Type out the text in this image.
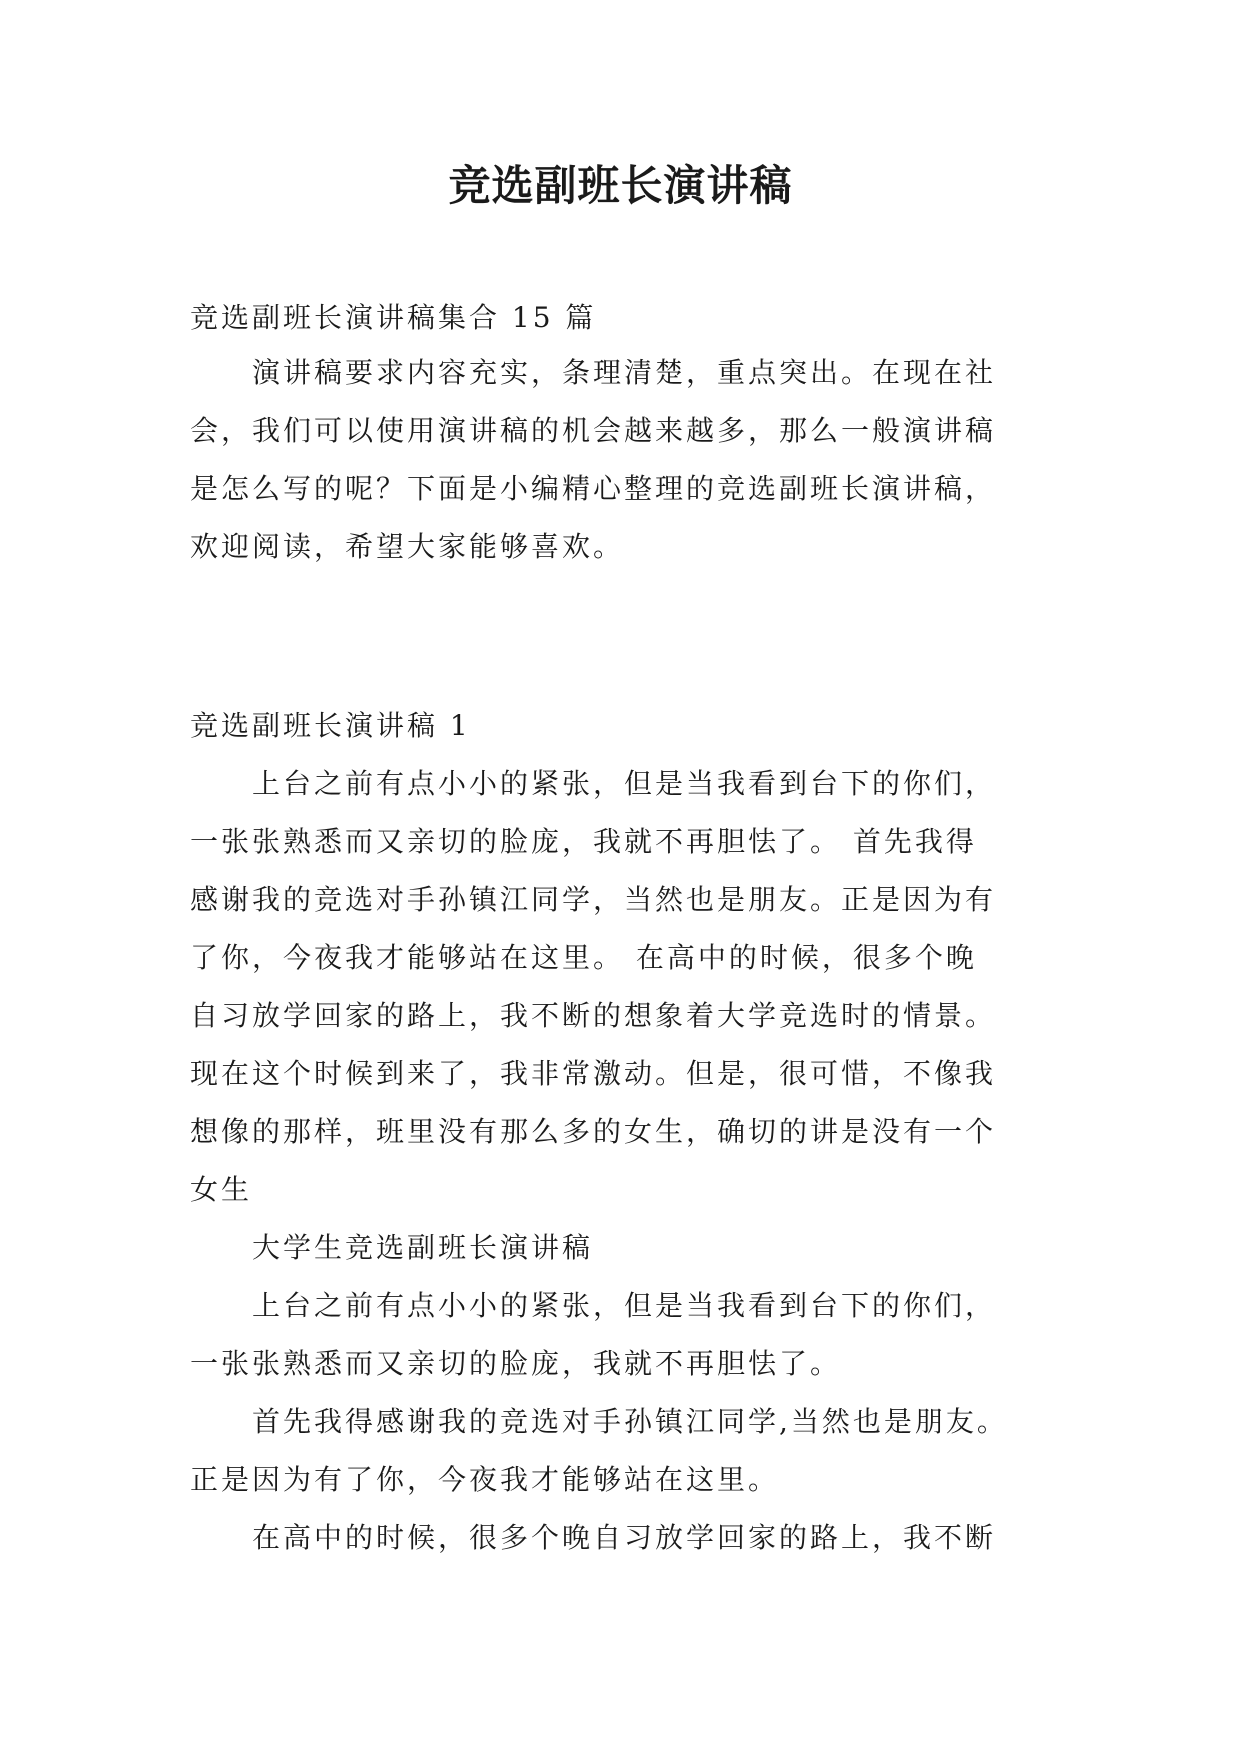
竞选副班长演讲稿

竞选副班长演讲稿集合 15 篇

　　演讲稿要求内容充实，条理清楚，重点突出。在现在社

会，我们可以使用演讲稿的机会越来越多，那么一般演讲稿

是怎么写的呢？下面是小编精心整理的竞选副班长演讲稿，

欢迎阅读，希望大家能够喜欢。

竞选副班长演讲稿 1

　　上台之前有点小小的紧张，但是当我看到台下的你们，

一张张熟悉而又亲切的脸庞，我就不再胆怯了。 首先我得

感谢我的竞选对手孙镇江同学，当然也是朋友。正是因为有

了你，今夜我才能够站在这里。 在高中的时候，很多个晚

自习放学回家的路上，我不断的想象着大学竞选时的情景。

现在这个时候到来了，我非常激动。但是，很可惜，不像我

想像的那样，班里没有那么多的女生，确切的讲是没有一个

女生

　　大学生竞选副班长演讲稿

　　上台之前有点小小的紧张，但是当我看到台下的你们，

一张张熟悉而又亲切的脸庞，我就不再胆怯了。

　　首先我得感谢我的竞选对手孙镇江同学,当然也是朋友。

正是因为有了你，今夜我才能够站在这里。

　　在高中的时候，很多个晚自习放学回家的路上，我不断
